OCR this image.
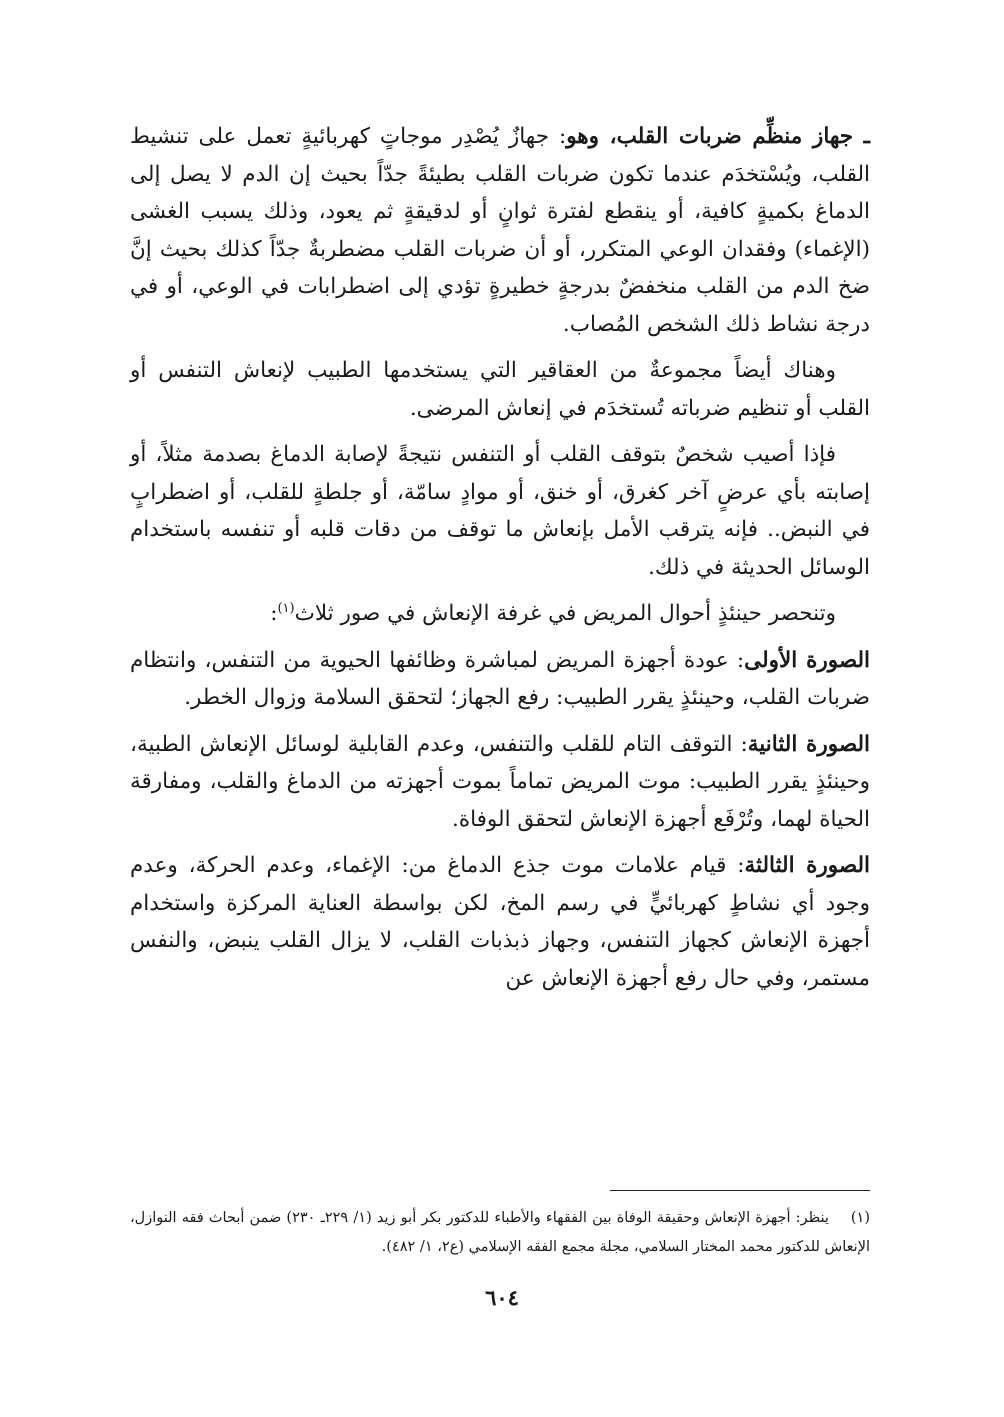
ـ جهاز منظِّم ضربات القلب، وهو: جهازٌ يُصْدِر موجاتٍ كهربائيةٍ تعمل على تنشيط القلب، ويُسْتخدَم عندما تكون ضربات القلب بطيئةً جدّاً بحيث إن الدم لا يصل إلى الدماغ بكميةٍ كافية، أو ينقطع لفترة ثوانٍ أو لدقيقةٍ ثم يعود، وذلك يسبب الغشى (الإغماء) وفقدان الوعي المتكرر، أو أن ضربات القلب مضطربةٌ جدّاً كذلك بحيث إنَّ ضخ الدم من القلب منخفضٌ بدرجةٍ خطيرةٍ تؤدي إلى اضطرابات في الوعي، أو في درجة نشاط ذلك الشخص المُصاب.

وهناك أيضاً مجموعةٌ من العقاقير التي يستخدمها الطبيب لإنعاش التنفس أو القلب أو تنظيم ضرباته تُستخدَم في إنعاش المرضى.

فإذا أصيب شخصٌ بتوقف القلب أو التنفس نتيجةً لإصابة الدماغ بصدمة مثلاً، أو إصابته بأي عرضٍ آخر كغرق، أو خنق، أو موادٍ سامّة، أو جلطةٍ للقلب، أو اضطرابٍ في النبض.. فإنه يترقب الأمل بإنعاش ما توقف من دقات قلبه أو تنفسه باستخدام الوسائل الحديثة في ذلك.

وتنحصر حينئذٍ أحوال المريض في غرفة الإنعاش في صور ثلاث$^{(١)}$:

الصورة الأولى: عودة أجهزة المريض لمباشرة وظائفها الحيوية من التنفس، وانتظام ضربات القلب، وحينئذٍ يقرر الطبيب: رفع الجهاز؛ لتحقق السلامة وزوال الخطر.

الصورة الثانية: التوقف التام للقلب والتنفس، وعدم القابلية لوسائل الإنعاش الطبية، وحينئذٍ يقرر الطبيب: موت المريض تماماً بموت أجهزته من الدماغ والقلب، ومفارقة الحياة لهما، وتُرْفَع أجهزة الإنعاش لتحقق الوفاة.

الصورة الثالثة: قيام علامات موت جذع الدماغ من: الإغماء، وعدم الحركة، وعدم وجود أي نشاطٍ كهربائيٍّ في رسم المخ، لكن بواسطة العناية المركزة واستخدام أجهزة الإنعاش كجهاز التنفس، وجهاز ذبذبات القلب، لا يزال القلب ينبض، والنفس مستمر، وفي حال رفع أجهزة الإنعاش عن

(١)ينظر: أجهزة الإنعاش وحقيقة الوفاة بين الفقهاء والأطباء للدكتور بكر أبو زيد (١/ ٢٢٩ـ ٢٣٠) ضمن أبحاث فقه النوازل، الإنعاش للدكتور محمد المختار السلامي، مجلة مجمع الفقه الإسلامي (ع٢، ١/ ٤٨٢).
٦٠٤
